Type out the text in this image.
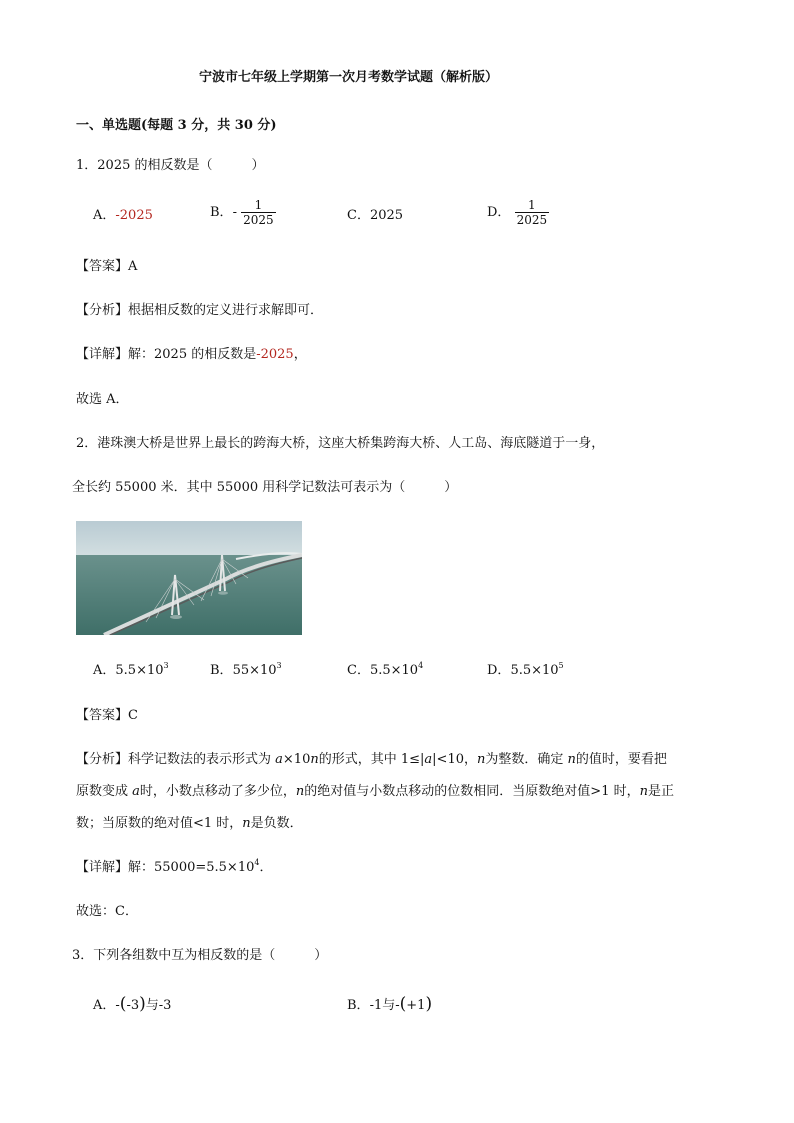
宁波市七年级上学期第一次月考数学试题（解析版）
一、单选题(每题 3 分，共 30 分)
1．2025 的相反数是（　　　）
A．-2025	B．- $\frac{1}{2025}$	C．2025	D． $\frac{1}{2025}$
【答案】A
【分析】根据相反数的定义进行求解即可．
【详解】解：2025 的相反数是-2025，
故选 A．
2．港珠澳大桥是世界上最长的跨海大桥，这座大桥集跨海大桥、人工岛、海底隧道于一身，
全长约 55000 米．其中 55000 用科学记数法可表示为（　　　）
A．$5.5\times 10^3$	B．$55\times 10^3$	C．$5.5\times 10^4$	D．$5.5\times 10^5$
【答案】C
【分析】科学记数法的表示形式为 a×10n的形式，其中 1≤|a|<10，n为整数．确定 n的值时，要看把
原数变成 a时，小数点移动了多少位，n的绝对值与小数点移动的位数相同．当原数绝对值>1 时，n是正
数；当原数的绝对值<1 时，n是负数．
【详解】解：$55000=5.5\times 10^4$．
故选：C．
3．下列各组数中互为相反数的是（　　　）
A．-(-3)与-3	B．-1与-(+1)
